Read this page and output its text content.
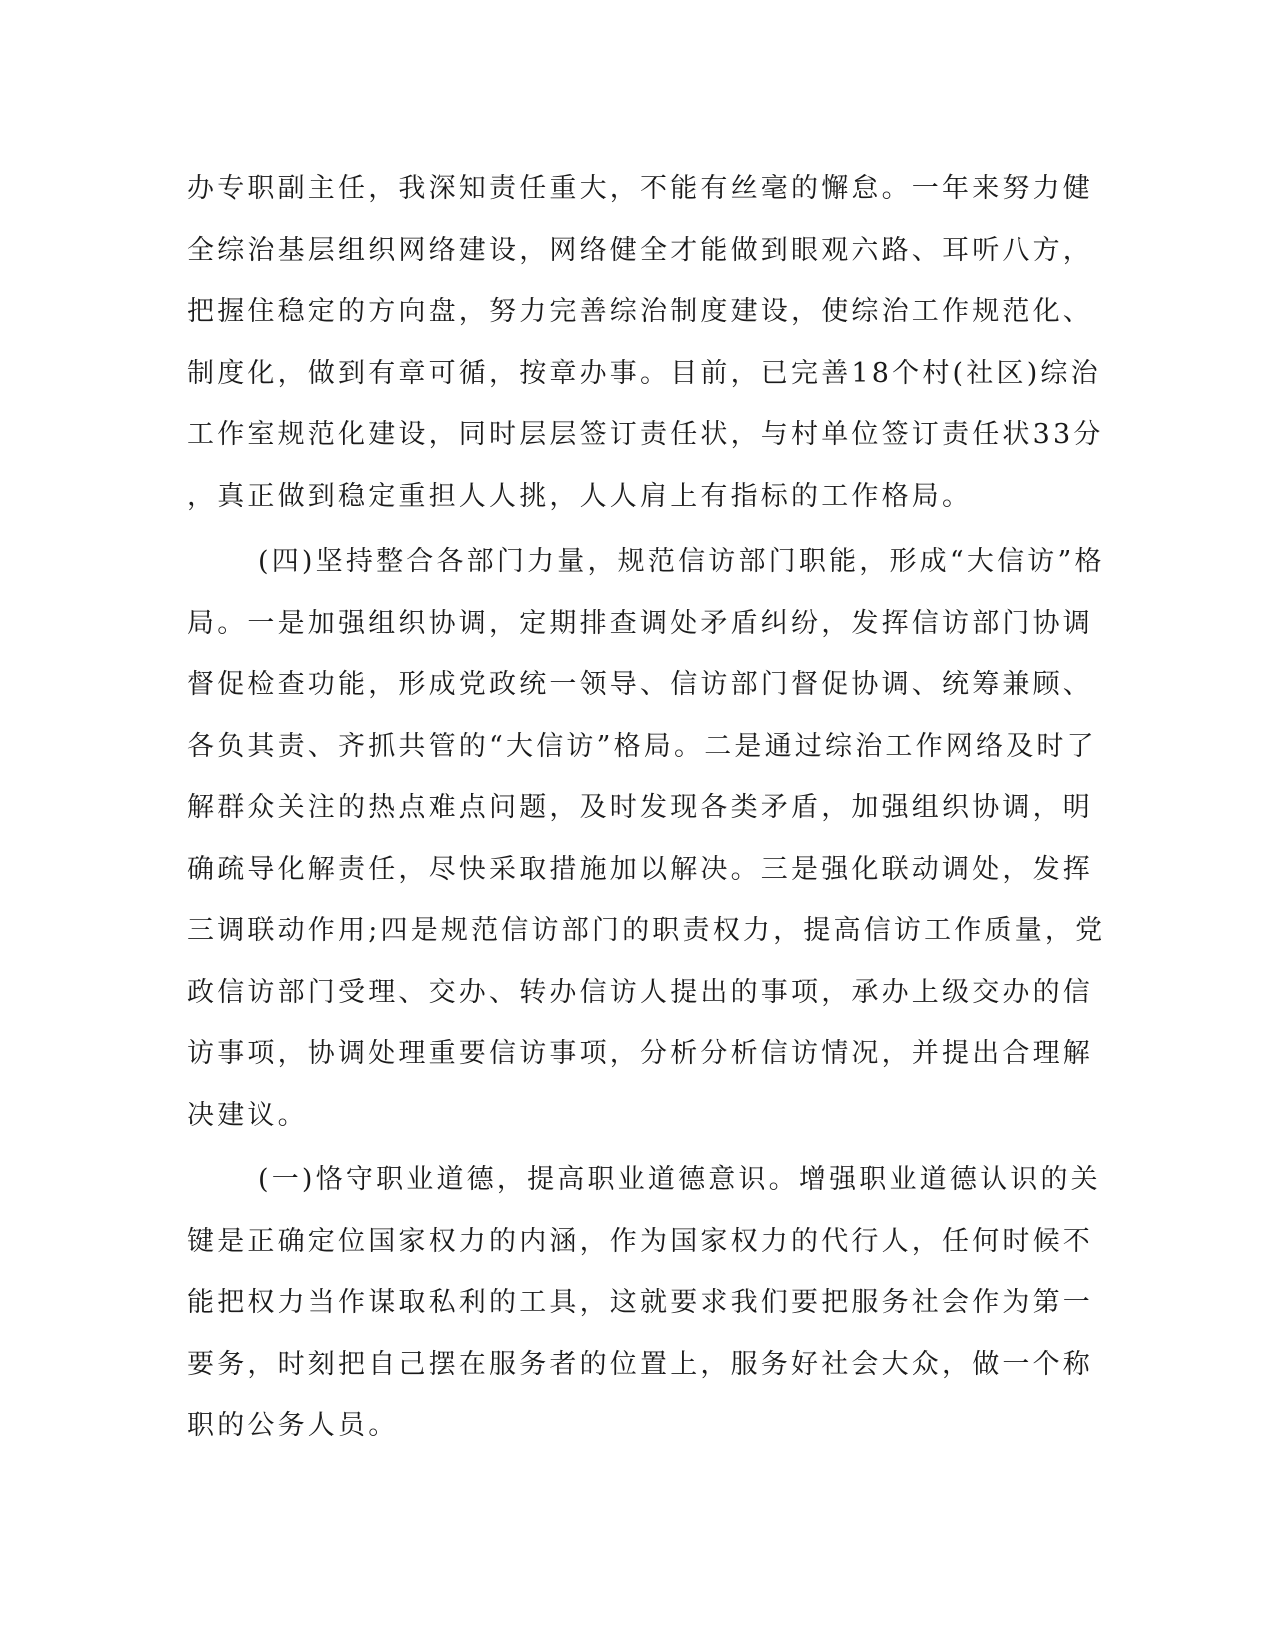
办专职副主任，我深知责任重大，不能有丝毫的懈怠。一年来努力健
全综治基层组织网络建设，网络健全才能做到眼观六路、耳听八方，
把握住稳定的方向盘，努力完善综治制度建设，使综治工作规范化、
制度化，做到有章可循，按章办事。目前，已完善18个村(社区)综治
工作室规范化建设，同时层层签订责任状，与村单位签订责任状33分
，真正做到稳定重担人人挑，人人肩上有指标的工作格局。
(四)坚持整合各部门力量，规范信访部门职能，形成“大信访”格
局。一是加强组织协调，定期排查调处矛盾纠纷，发挥信访部门协调
督促检查功能，形成党政统一领导、信访部门督促协调、统筹兼顾、
各负其责、齐抓共管的“大信访”格局。二是通过综治工作网络及时了
解群众关注的热点难点问题，及时发现各类矛盾，加强组织协调，明
确疏导化解责任，尽快采取措施加以解决。三是强化联动调处，发挥
三调联动作用;四是规范信访部门的职责权力，提高信访工作质量，党
政信访部门受理、交办、转办信访人提出的事项，承办上级交办的信
访事项，协调处理重要信访事项，分析分析信访情况，并提出合理解
决建议。
(一)恪守职业道德，提高职业道德意识。增强职业道德认识的关
键是正确定位国家权力的内涵，作为国家权力的代行人，任何时候不
能把权力当作谋取私利的工具，这就要求我们要把服务社会作为第一
要务，时刻把自己摆在服务者的位置上，服务好社会大众，做一个称
职的公务人员。
